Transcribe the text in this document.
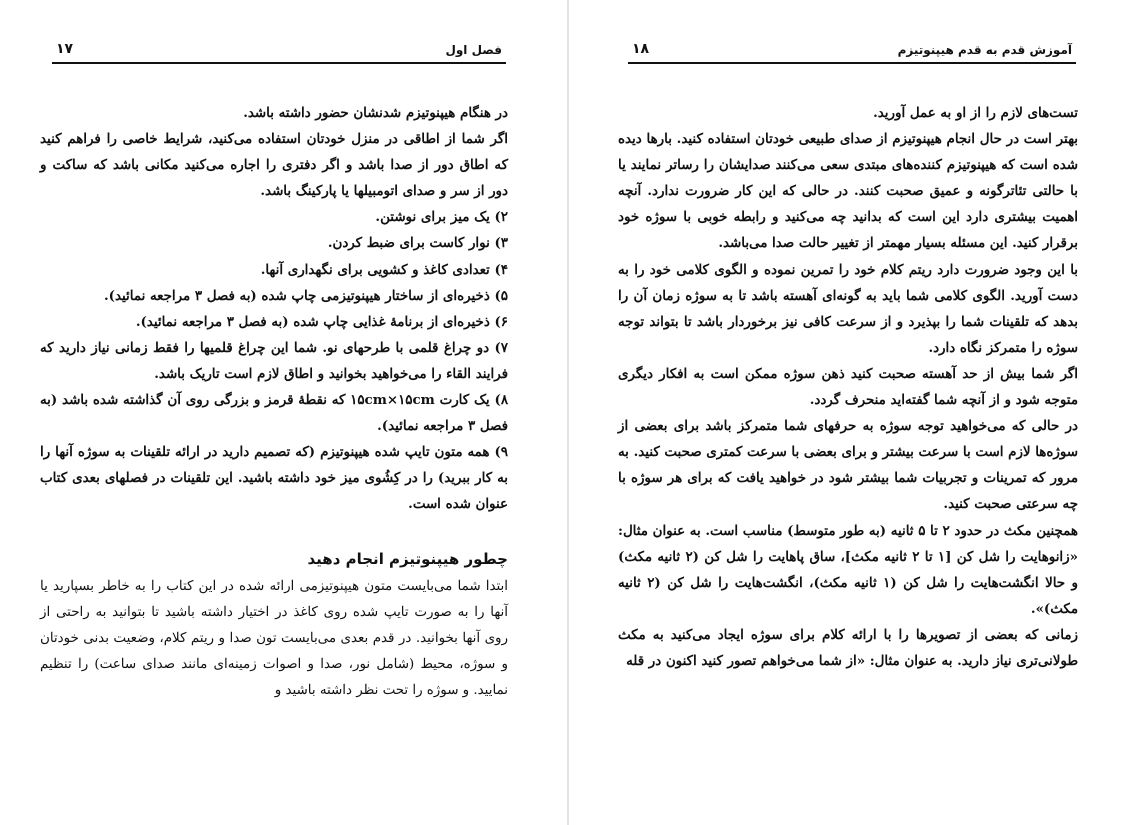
فصل اول
۱۷

در هنگام هیپنوتیزم شدنشان حضور داشته باشد.

اگر شما از اطاقی در منزل خودتان استفاده می‌کنید، شرایط خاصی را فراهم کنید که اطاق دور از صدا باشد و اگر دفتری را اجاره می‌کنید مکانی باشد که ساکت و دور از سر و صدای اتومبیلها یا پارکینگ باشد.

۲) یک میز برای نوشتن.

۳) نوار کاست برای ضبط کردن.

۴) تعدادی کاغذ و کشویی برای نگهداری آنها.

۵) ذخیره‌ای از ساختار هیپنوتیزمی چاپ شده (به فصل ۳ مراجعه نمائید).

۶) ذخیره‌ای از برنامهٔ غذایی چاپ شده (به فصل ۳ مراجعه نمائید).

۷) دو چراغ قلمی با طرحهای نو. شما این چراغ قلمیها را فقط زمانی نیاز دارید که فرایند القاء را می‌خواهید بخوانید و اطاق لازم است تاریک باشد.

۸) یک کارت ۱۵cm×۱۵cm که نقطهٔ قرمز و بزرگی روی آن گذاشته شده باشد (به فصل ۳ مراجعه نمائید).

۹) همه متون تایپ شده هیپنوتیزم (که تصمیم دارید در ارائه تلقینات به سوژه آنها را به کار ببرید) را در کِشُوی میز خود داشته باشید. این تلقینات در فصلهای بعدی کتاب عنوان شده است.

چطور هیپنوتیزم انجام دهید

ابتدا شما می‌بایست متون هیپنوتیزمی ارائه شده در این کتاب را به خاطر بسپارید یا آنها را به صورت تایپ شده روی کاغذ در اختیار داشته باشید تا بتوانید به راحتی از روی آنها بخوانید. در قدم بعدی می‌بایست تون صدا و ریتم کلام، وضعیت بدنی خودتان و سوژه، محیط (شامل نور، صدا و اصوات زمینه‌ای مانند صدای ساعت) را تنظیم نمایید. و سوژه را تحت نظر داشته باشید و

آموزش قدم به قدم هیپنوتیزم
۱۸

تست‌های لازم را از او به عمل آورید.

بهتر است در حال انجام هیپنوتیزم از صدای طبیعی خودتان استفاده کنید. بارها دیده شده است که هیپنوتیزم کننده‌های مبتدی سعی می‌کنند صدایشان را رساتر نمایند یا با حالتی تئاترگونه و عمیق صحبت کنند. در حالی که این کار ضرورت ندارد. آنچه اهمیت بیشتری دارد این است که بدانید چه می‌کنید و رابطه خوبی با سوژه خود برقرار کنید. این مسئله بسیار مهمتر از تغییر حالت صدا می‌باشد.

با این وجود ضرورت دارد ریتم کلام خود را تمرین نموده و الگوی کلامی خود را به دست آورید. الگوی کلامی شما باید به گونه‌ای آهسته باشد تا به سوژه زمان آن را بدهد که تلقینات شما را بپذیرد و از سرعت کافی نیز برخوردار باشد تا بتواند توجه سوژه را متمرکز نگاه دارد.

اگر شما بیش از حد آهسته صحبت کنید ذهن سوژه ممکن است به افکار دیگری متوجه شود و از آنچه شما گفته‌اید منحرف گردد.

در حالی که می‌خواهید توجه سوژه به حرفهای شما متمرکز باشد برای بعضی از سوژه‌ها لازم است با سرعت بیشتر و برای بعضی با سرعت کمتری صحبت کنید. به مرور که تمرینات و تجربیات شما بیشتر شود در خواهید یافت که برای هر سوژه با چه سرعتی صحبت کنید.

همچنین مکث در حدود ۲ تا ۵ ثانیه (به طور متوسط) مناسب است. به عنوان مثال: «زانوهایت را شل کن [۱ تا ۲ ثانیه مکث]، ساق پاهایت را شل کن (۲ ثانیه مکث) و حالا انگشت‌هایت را شل کن (۱ ثانیه مکث)، انگشت‌هایت را شل کن (۲ ثانیه مکث)».

زمانی که بعضی از تصویرها را با ارائه کلام برای سوژه ایجاد می‌کنید به مکث طولانی‌تری نیاز دارید. به عنوان مثال: «از شما می‌خواهم تصور کنید اکنون در قله
